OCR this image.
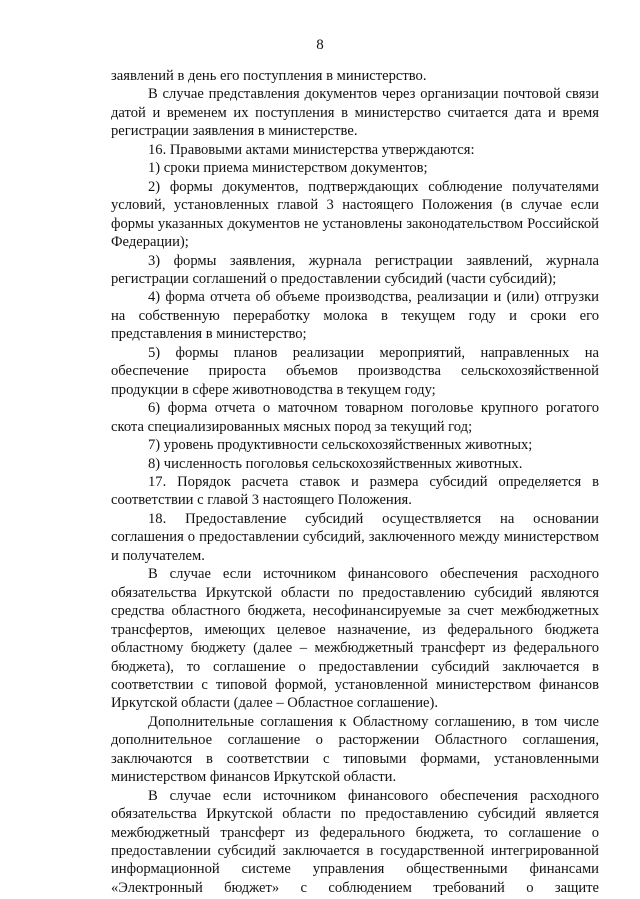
8

заявлений в день его поступления в министерство.

В случае представления документов через организации почтовой связи датой и временем их поступления в министерство считается дата и время регистрации заявления в министерстве.

16. Правовыми актами министерства утверждаются:

1) сроки приема министерством документов;

2) формы документов, подтверждающих соблюдение получателями условий, установленных главой 3 настоящего Положения (в случае если формы указанных документов не установлены законодательством Российской Федерации);

3) формы заявления, журнала регистрации заявлений, журнала регистрации соглашений о предоставлении субсидий (части субсидий);

4) форма отчета об объеме производства, реализации и (или) отгрузки на собственную переработку молока в текущем году и сроки его представления в министерство;

5) формы планов реализации мероприятий, направленных на обеспечение прироста объемов производства сельскохозяйственной продукции в сфере животноводства в текущем году;

6) форма отчета о маточном товарном поголовье крупного рогатого скота специализированных мясных пород за текущий год;

7) уровень продуктивности сельскохозяйственных животных;

8) численность поголовья сельскохозяйственных животных.

17. Порядок расчета ставок и размера субсидий определяется в соответствии с главой 3 настоящего Положения.

18. Предоставление субсидий осуществляется на основании соглашения о предоставлении субсидий, заключенного между министерством и получателем.

В случае если источником финансового обеспечения расходного обязательства Иркутской области по предоставлению субсидий являются средства областного бюджета, несофинансируемые за счет межбюджетных трансфертов, имеющих целевое назначение, из федерального бюджета областному бюджету (далее – межбюджетный трансферт из федерального бюджета), то соглашение о предоставлении субсидий заключается в соответствии с типовой формой, установленной министерством финансов Иркутской области (далее – Областное соглашение).

Дополнительные соглашения к Областному соглашению, в том числе дополнительное соглашение о расторжении Областного соглашения, заключаются в соответствии с типовыми формами, установленными министерством финансов Иркутской области.

В случае если источником финансового обеспечения расходного обязательства Иркутской области по предоставлению субсидий является межбюджетный трансферт из федерального бюджета, то соглашение о предоставлении субсидий заключается в государственной интегрированной информационной системе управления общественными финансами «Электронный бюджет» с соблюдением требований о защите
